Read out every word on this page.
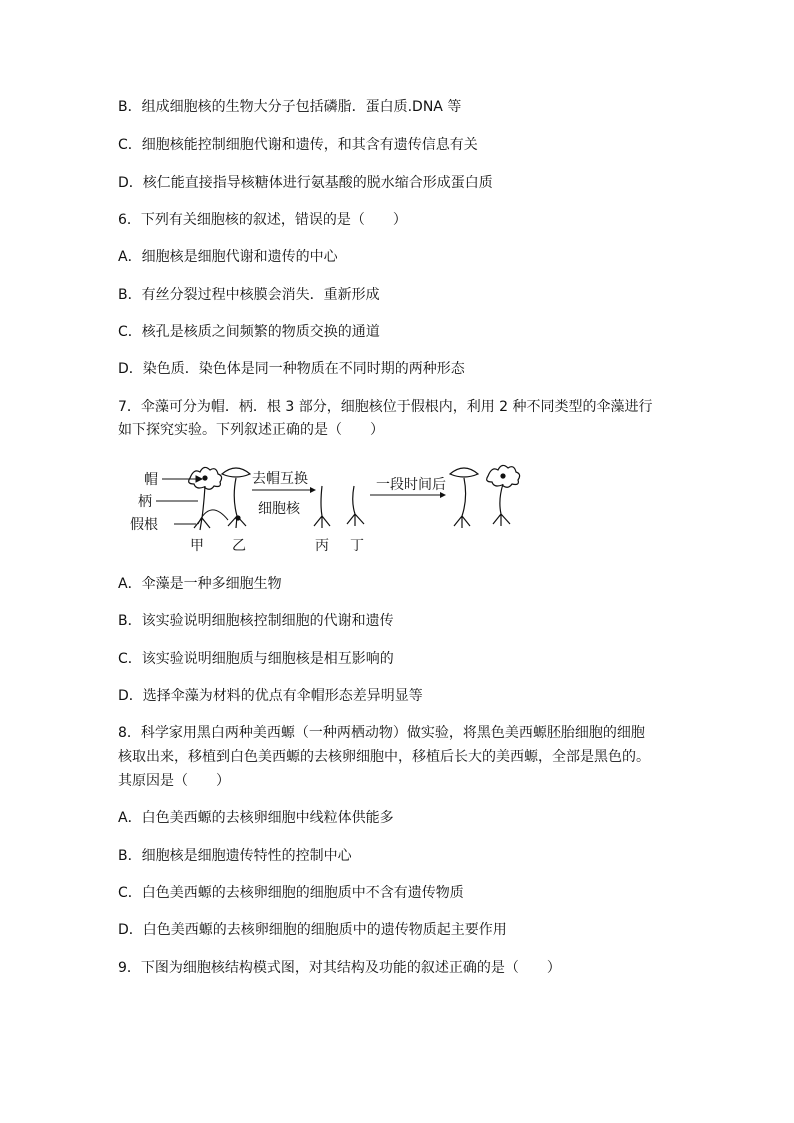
B．组成细胞核的生物大分子包括磷脂．蛋白质.DNA 等
C．细胞核能控制细胞代谢和遗传，和其含有遗传信息有关
D．核仁能直接指导核糖体进行氨基酸的脱水缩合形成蛋白质
6．下列有关细胞核的叙述，错误的是（　　）
A．细胞核是细胞代谢和遗传的中心
B．有丝分裂过程中核膜会消失．重新形成
C．核孔是核质之间频繁的物质交换的通道
D．染色质．染色体是同一种物质在不同时期的两种形态
7．伞藻可分为帽．柄．根 3 部分，细胞核位于假根内，利用 2 种不同类型的伞藻进行
如下探究实验。下列叙述正确的是（　　）
帽
柄
假根
去帽互换
细胞核
一段时间后
甲 乙	丙 丁
A．伞藻是一种多细胞生物
B．该实验说明细胞核控制细胞的代谢和遗传
C．该实验说明细胞质与细胞核是相互影响的
D．选择伞藻为材料的优点有伞帽形态差异明显等
8．科学家用黑白两种美西螈（一种两栖动物）做实验，将黑色美西螈胚胎细胞的细胞
核取出来，移植到白色美西螈的去核卵细胞中，移植后长大的美西螈，全部是黑色的。
其原因是（　　）
A．白色美西螈的去核卵细胞中线粒体供能多
B．细胞核是细胞遗传特性的控制中心
C．白色美西螈的去核卵细胞的细胞质中不含有遗传物质
D．白色美西螈的去核卵细胞的细胞质中的遗传物质起主要作用
9．下图为细胞核结构模式图，对其结构及功能的叙述正确的是（　　）
